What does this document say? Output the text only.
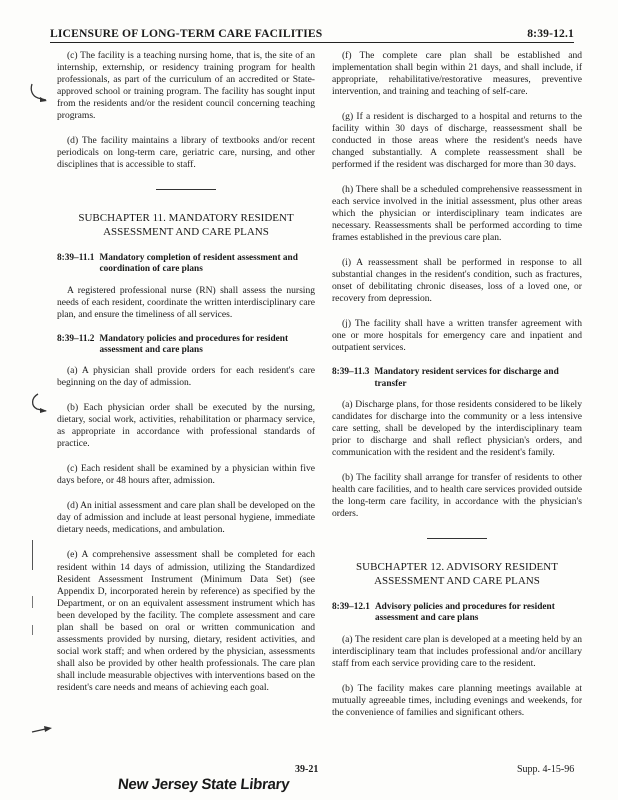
LICENSURE OF LONG-TERM CARE FACILITIES	8:39-12.1

(c) The facility is a teaching nursing home, that is, the site of an internship, externship, or residency training program for health professionals, as part of the curriculum of an accredited or State-approved school or training program. The facility has sought input from the residents and/or the resident council concerning teaching programs.

(d) The facility maintains a library of textbooks and/or recent periodicals on long-term care, geriatric care, nursing, and other disciplines that is accessible to staff.

SUBCHAPTER 11. MANDATORY RESIDENT
ASSESSMENT AND CARE PLANS
8:39–11.1 Mandatory completion of resident assessment and coordination of care plans

A registered professional nurse (RN) shall assess the nursing needs of each resident, coordinate the written interdisciplinary care plan, and ensure the timeliness of all services.

8:39–11.2 Mandatory policies and procedures for resident assessment and care plans

(a) A physician shall provide orders for each resident's care beginning on the day of admission.

(b) Each physician order shall be executed by the nursing, dietary, social work, activities, rehabilitation or pharmacy service, as appropriate in accordance with professional standards of practice.

(c) Each resident shall be examined by a physician within five days before, or 48 hours after, admission.

(d) An initial assessment and care plan shall be developed on the day of admission and include at least personal hygiene, immediate dietary needs, medications, and ambulation.

(e) A comprehensive assessment shall be completed for each resident within 14 days of admission, utilizing the Standardized Resident Assessment Instrument (Minimum Data Set) (see Appendix D, incorporated herein by reference) as specified by the Department, or on an equivalent assessment instrument which has been developed by the facility. The complete assessment and care plan shall be based on oral or written communication and assessments provided by nursing, dietary, resident activities, and social work staff; and when ordered by the physician, assessments shall also be provided by other health professionals. The care plan shall include measurable objectives with interventions based on the resident's care needs and means of achieving each goal.

(f) The complete care plan shall be established and implementation shall begin within 21 days, and shall include, if appropriate, rehabilitative/restorative measures, preventive intervention, and training and teaching of self-care.

(g) If a resident is discharged to a hospital and returns to the facility within 30 days of discharge, reassessment shall be conducted in those areas where the resident's needs have changed substantially. A complete reassessment shall be performed if the resident was discharged for more than 30 days.

(h) There shall be a scheduled comprehensive reassessment in each service involved in the initial assessment, plus other areas which the physician or interdisciplinary team indicates are necessary. Reassessments shall be performed according to time frames established in the previous care plan.

(i) A reassessment shall be performed in response to all substantial changes in the resident's condition, such as fractures, onset of debilitating chronic diseases, loss of a loved one, or recovery from depression.

(j) The facility shall have a written transfer agreement with one or more hospitals for emergency care and inpatient and outpatient services.

8:39–11.3 Mandatory resident services for discharge and transfer

(a) Discharge plans, for those residents considered to be likely candidates for discharge into the community or a less intensive care setting, shall be developed by the interdisciplinary team prior to discharge and shall reflect physician's orders, and communication with the resident and the resident's family.

(b) The facility shall arrange for transfer of residents to other health care facilities, and to health care services provided outside the long-term care facility, in accordance with the physician's orders.

SUBCHAPTER 12. ADVISORY RESIDENT
ASSESSMENT AND CARE PLANS
8:39–12.1 Advisory policies and procedures for resident assessment and care plans

(a) The resident care plan is developed at a meeting held by an interdisciplinary team that includes professional and/or ancillary staff from each service providing care to the resident.

(b) The facility makes care planning meetings available at mutually agreeable times, including evenings and weekends, for the convenience of families and significant others.

39-21	Supp. 4-15-96
New Jersey State Library
